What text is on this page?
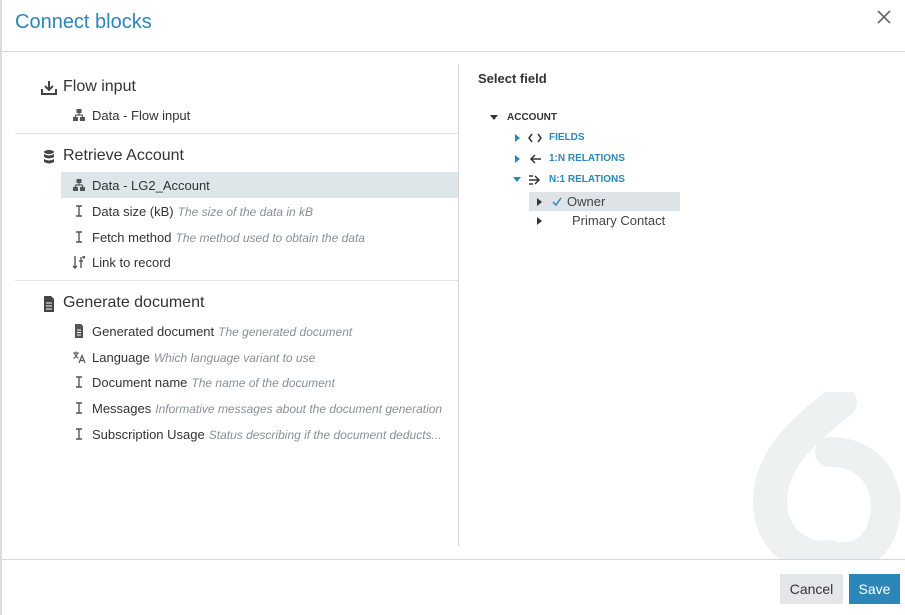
Connect blocks
Flow input
Data - Flow input
Retrieve Account
Data - LG2_Account
Data size (kB) The size of the data in kB
Fetch method The method used to obtain the data
Link to record
Generate document
Generated document The generated document
Language Which language variant to use
Document name The name of the document
Messages Informative messages about the document generation
Subscription Usage Status describing if the document deducts...
Select field
ACCOUNT
FIELDS
1:N RELATIONS
N:1 RELATIONS
Owner
Primary Contact
Cancel	Save
